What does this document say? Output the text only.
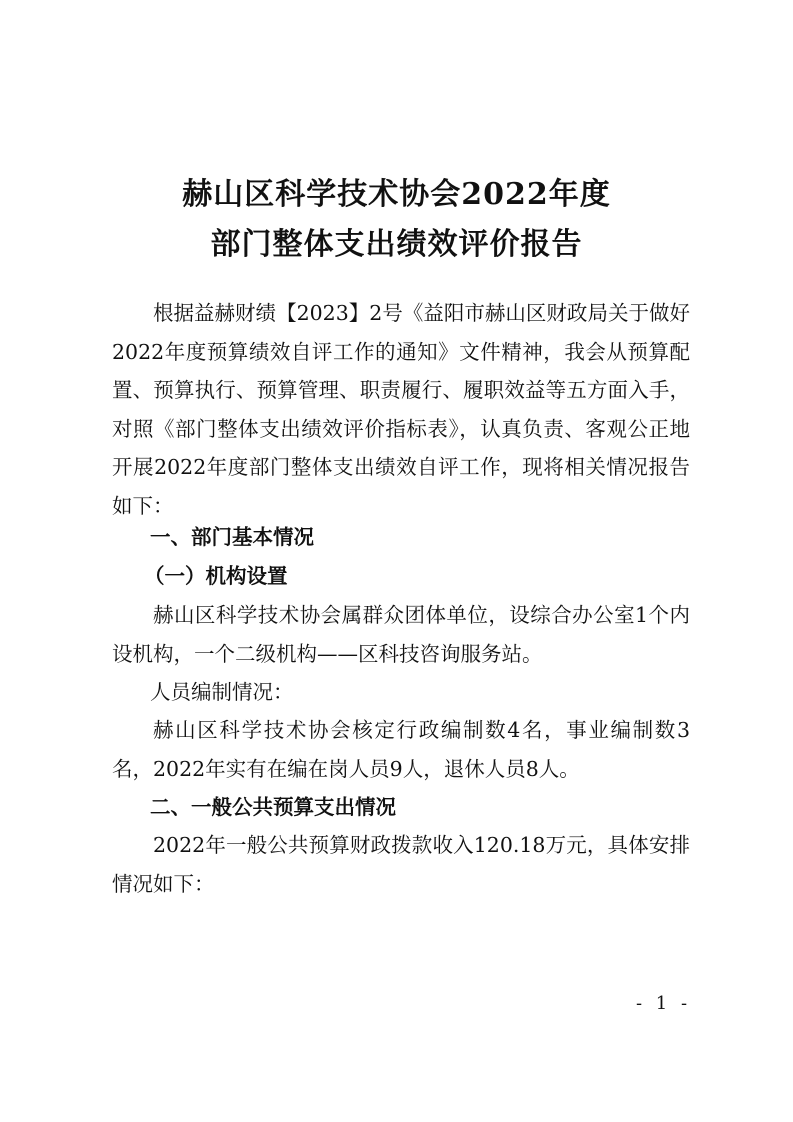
赫山区科学技术协会2022年度
部门整体支出绩效评价报告

根据益赫财绩【2023】2号《益阳市赫山区财政局关于做好2022年度预算绩效自评工作的通知》文件精神，我会从预算配置、预算执行、预算管理、职责履行、履职效益等五方面入手，对照《部门整体支出绩效评价指标表》，认真负责、客观公正地开展2022年度部门整体支出绩效自评工作，现将相关情况报告如下：

一、部门基本情况
（一）机构设置

赫山区科学技术协会属群众团体单位，设综合办公室1个内设机构，一个二级机构——区科技咨询服务站。

人员编制情况：

赫山区科学技术协会核定行政编制数4名，事业编制数3名，2022年实有在编在岗人员9人，退休人员8人。

二、一般公共预算支出情况

2022年一般公共预算财政拨款收入120.18万元，具体安排情况如下：

- 1 -
